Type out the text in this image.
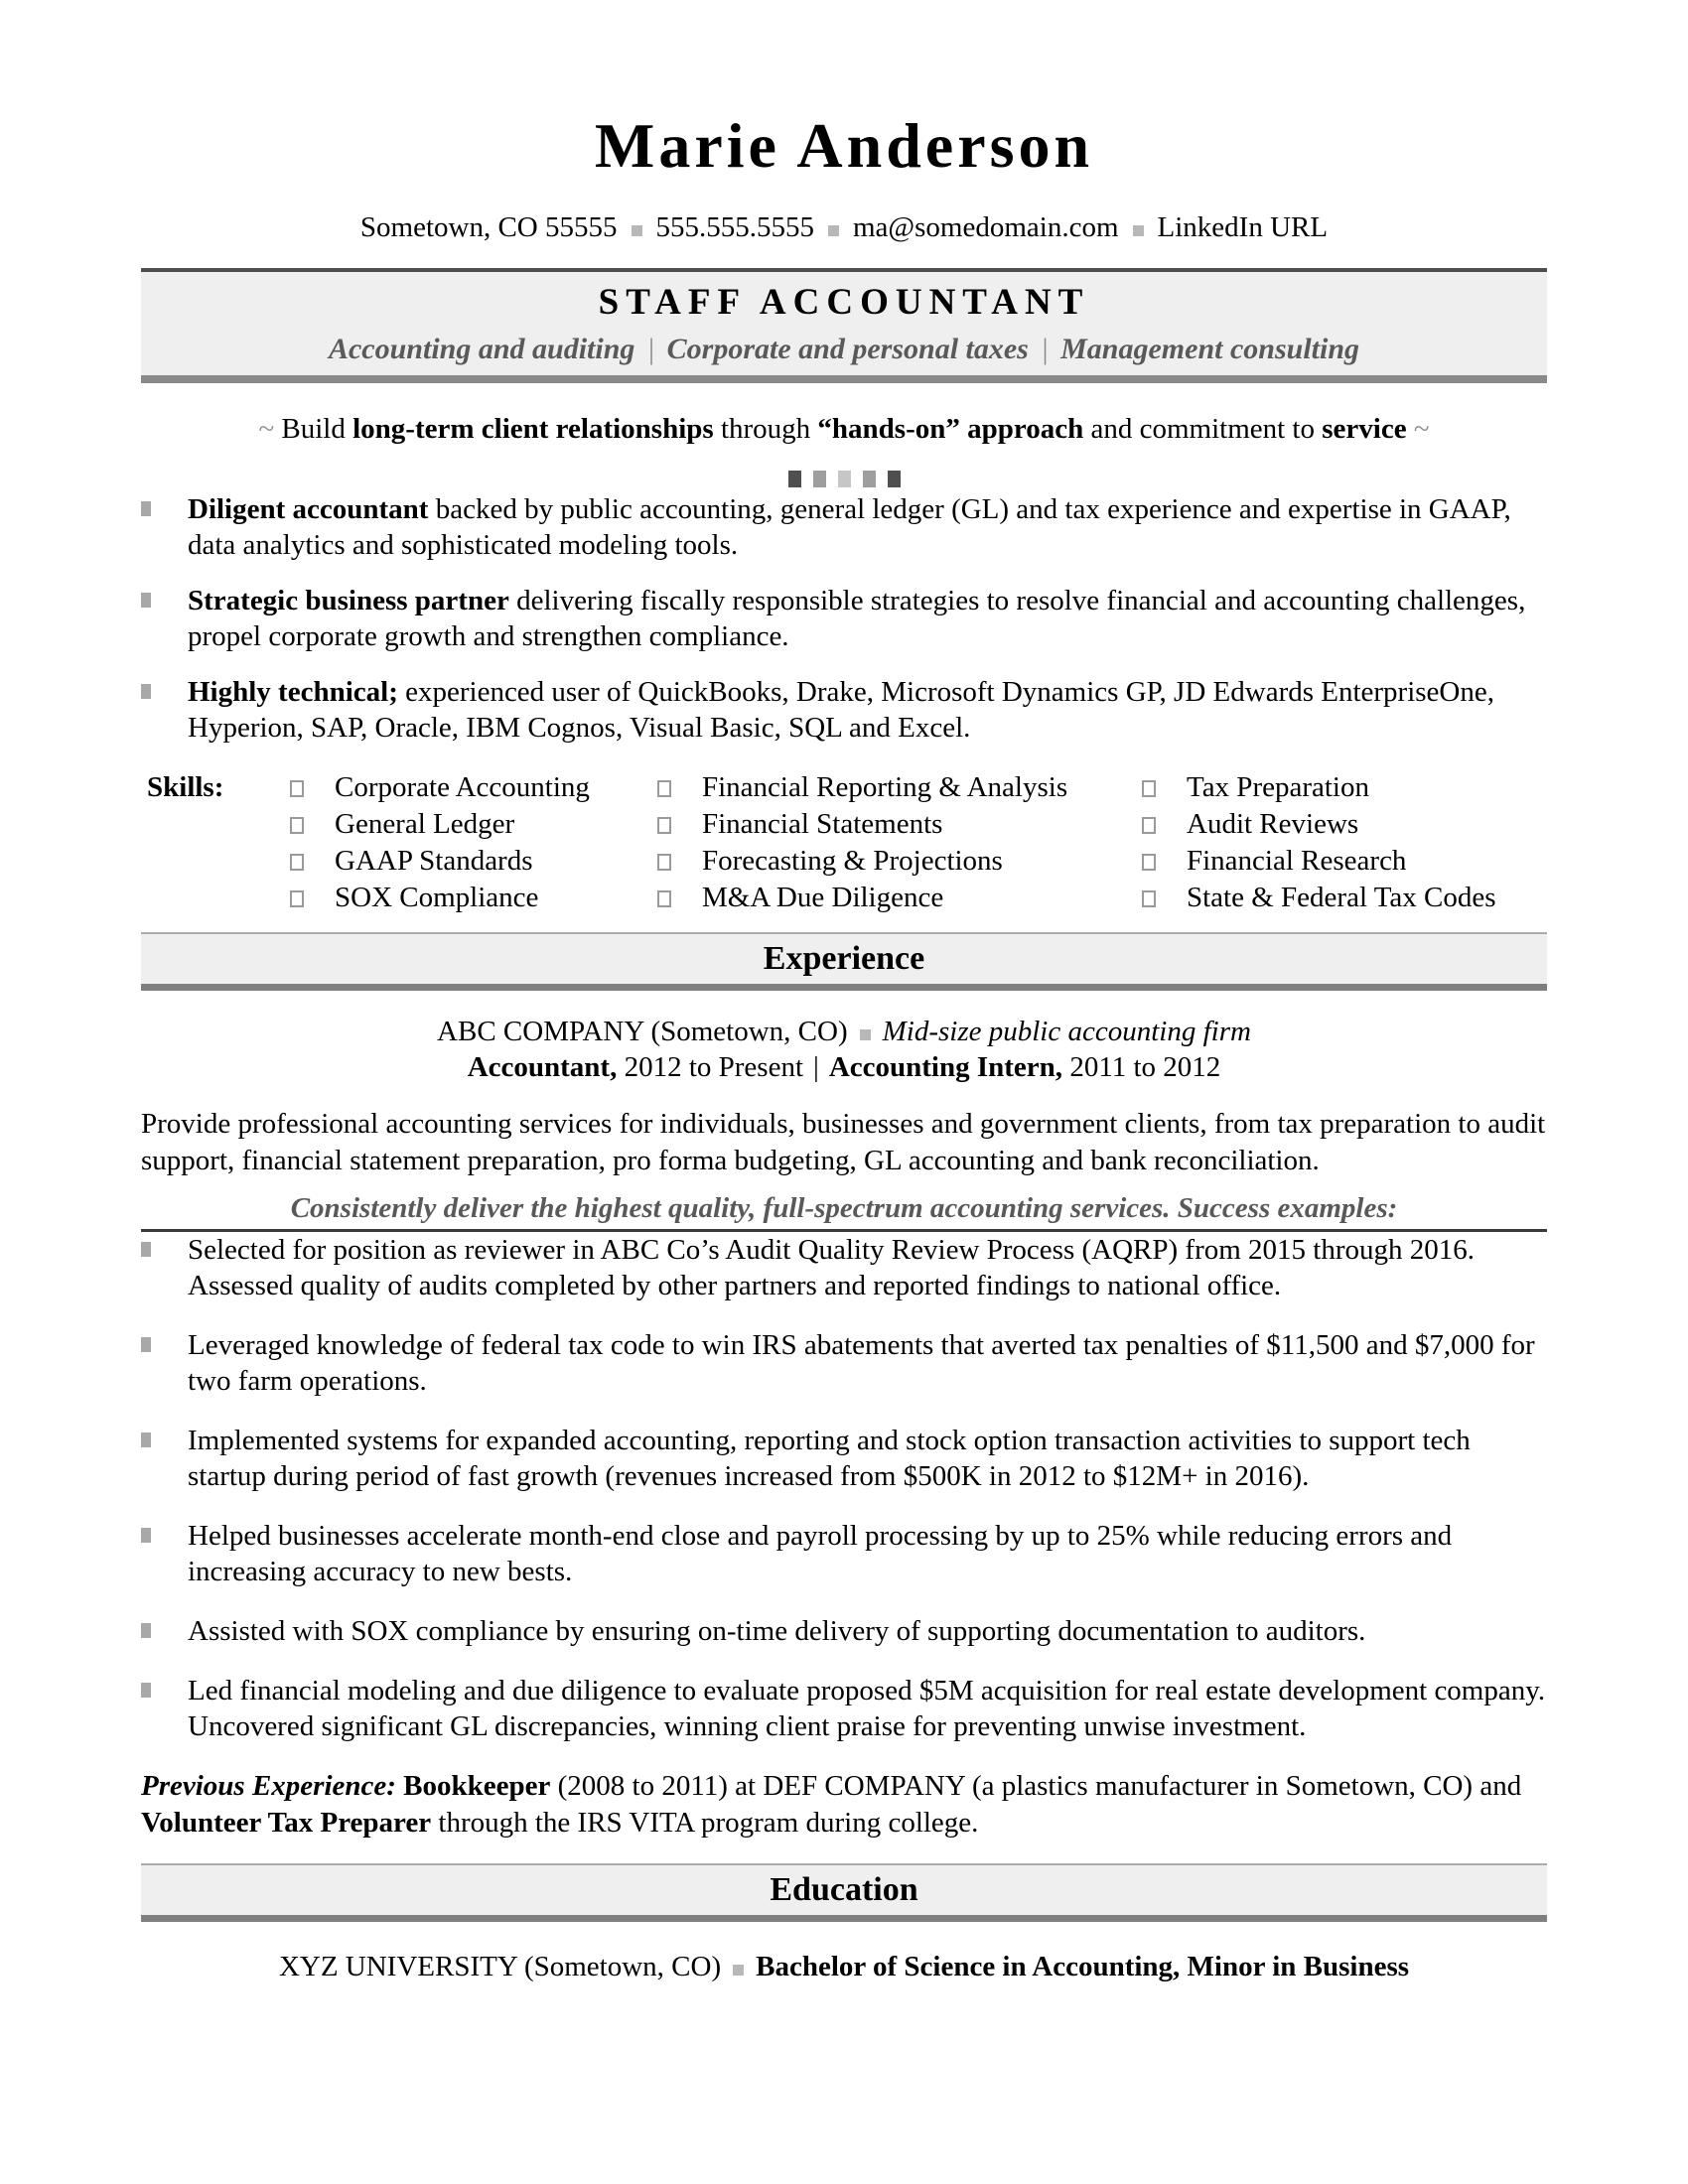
Marie Anderson
Sometown, CO 55555 555.555.5555 ma@somedomain.com LinkedIn URL
STAFF ACCOUNTANT
Accounting and auditing | Corporate and personal taxes | Management consulting
~ Build long-term client relationships through “hands-on” approach and commitment to service ~
Diligent accountant backed by public accounting, general ledger (GL) and tax experience and expertise in GAAP, data analytics and sophisticated modeling tools.
Strategic business partner delivering fiscally responsible strategies to resolve financial and accounting challenges, propel corporate growth and strengthen compliance.
Highly technical; experienced user of QuickBooks, Drake, Microsoft Dynamics GP, JD Edwards EnterpriseOne, Hyperion, SAP, Oracle, IBM Cognos, Visual Basic, SQL and Excel.
Skills:	Corporate Accounting
General Ledger
GAAP Standards
SOX Compliance
Financial Reporting & Analysis
Financial Statements
Forecasting & Projections
M&A Due Diligence
Tax Preparation
Audit Reviews
Financial Research
State & Federal Tax Codes
Experience
ABC COMPANY (Sometown, CO) Mid-size public accounting firm
Accountant, 2012 to Present | Accounting Intern, 2011 to 2012
Provide professional accounting services for individuals, businesses and government clients, from tax preparation to audit support, financial statement preparation, pro forma budgeting, GL accounting and bank reconciliation.
Consistently deliver the highest quality, full-spectrum accounting services. Success examples:
Selected for position as reviewer in ABC Co’s Audit Quality Review Process (AQRP) from 2015 through 2016. Assessed quality of audits completed by other partners and reported findings to national office.
Leveraged knowledge of federal tax code to win IRS abatements that averted tax penalties of $11,500 and $7,000 for two farm operations.
Implemented systems for expanded accounting, reporting and stock option transaction activities to support tech startup during period of fast growth (revenues increased from $500K in 2012 to $12M+ in 2016).
Helped businesses accelerate month-end close and payroll processing by up to 25% while reducing errors and increasing accuracy to new bests.
Assisted with SOX compliance by ensuring on-time delivery of supporting documentation to auditors.
Led financial modeling and due diligence to evaluate proposed $5M acquisition for real estate development company. Uncovered significant GL discrepancies, winning client praise for preventing unwise investment.
Previous Experience: Bookkeeper (2008 to 2011) at DEF COMPANY (a plastics manufacturer in Sometown, CO) and Volunteer Tax Preparer through the IRS VITA program during college.
Education
XYZ UNIVERSITY (Sometown, CO) Bachelor of Science in Accounting, Minor in Business
